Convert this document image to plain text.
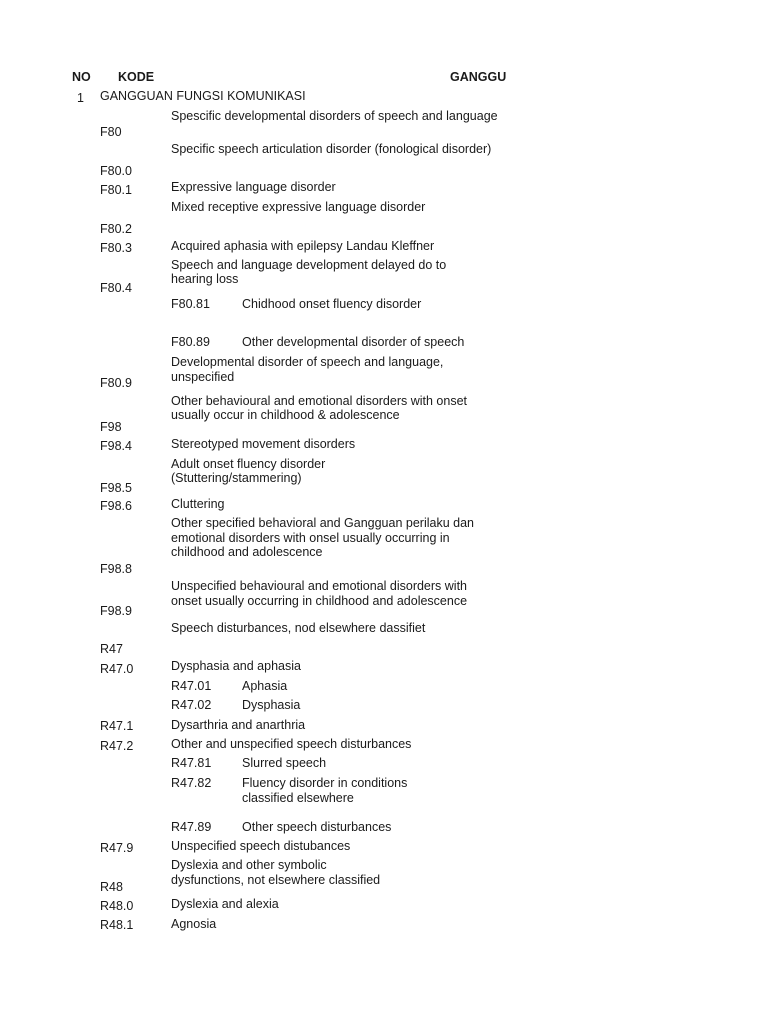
NO KODE	GANGGU
1 GANGGUAN FUNGSI KOMUNIKASI
F80
F80.0
F80.1
F80.2
F80.3
F80.4
F80.9
F98
F98.4
F98.5
F98.6
F98.8
F98.9
R47
R47.0
R47.1
R47.2
R47.9
R48
R48.0
R48.1
F80.81
F80.89
R47.01
R47.02
R47.81
R47.82
R47.89
Spescific developmental disorders of speech and language
Specific speech articulation disorder (fonological disorder)
Expressive language disorder
Mixed receptive expressive language disorder
Acquired aphasia with epilepsy Landau Kleffner
Speech and language development delayed do to
hearing loss
Chidhood onset fluency disorder
Other developmental disorder of speech

Developmental disorder of speech and language,
unspecified
Other behavioural and emotional disorders with onset
usually occur in childhood & adolescence
Stereotyped movement disorders
Adult onset fluency disorder
(Stuttering/stammering)
Cluttering
Other specified behavioral and Gangguan perilaku dan
emotional disorders with onsel usually occurring in
childhood and adolescence
Unspecified behavioural and emotional disorders with
onset usually occurring in childhood and adolescence
Speech disturbances, nod elsewhere dassifiet
Dysphasia and aphasia
Aphasia
Dysphasia
Dysarthria and anarthria
Other and unspecified speech disturbances
Slurred speech
Fluency disorder in conditions
classified elsewhere
Other speech disturbances
Unspecified speech distubances
Dyslexia and other symbolic
dysfunctions, not elsewhere classified
Dyslexia and alexia
Agnosia
